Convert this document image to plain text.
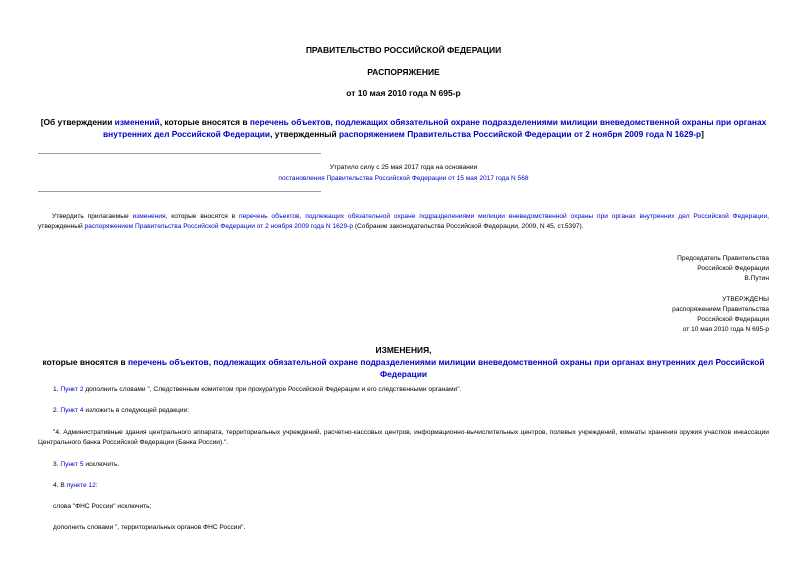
ПРАВИТЕЛЬСТВО РОССИЙСКОЙ ФЕДЕРАЦИИ
РАСПОРЯЖЕНИЕ
от 10 мая 2010 года N 695-р
[Об утверждении изменений, которые вносятся в перечень объектов, подлежащих обязательной охране подразделениями милиции вневедомственной охраны при органах внутренних дел Российской Федерации, утвержденный распоряжением Правительства Российской Федерации от 2 ноября 2009 года N 1629-р]
Утратило силу с 25 мая 2017 года на основании
постановления Правительства Российской Федерации от 15 мая 2017 года N 568
Утвердить прилагаемые изменения, которые вносятся в перечень объектов, подлежащих обязательной охране подразделениями милиции вневедомственной охраны при органах внутренних дел Российской Федерации, утвержденный распоряжением Правительства Российской Федерации от 2 ноября 2009 года N 1629-р (Собрание законодательства Российской Федерации, 2009, N 45, ст.5397).
Председатель Правительства
Российской Федерации
В.Путин
УТВЕРЖДЕНЫ
распоряжением Правительства
Российской Федерации
от 10 мая 2010 года N 695-р
ИЗМЕНЕНИЯ,
которые вносятся в перечень объектов, подлежащих обязательной охране подразделениями милиции вневедомственной охраны при органах внутренних дел Российской Федерации
1. Пункт 2 дополнить словами ", Следственным комитетом при прокуратуре Российской Федерации и его следственными органами".
2. Пункт 4 изложить в следующей редакции:
"4. Административные здания центрального аппарата, территориальных учреждений, расчетно-кассовых центров, информационно-вычислительных центров, полевых учреждений, комнаты хранения оружия участков инкассации Центрального банка Российской Федерации (Банка России).".
3. Пункт 5 исключить.
4. В пункте 12:
слова "ФНС России" исключить;
дополнить словами ", территориальных органов ФНС России".
